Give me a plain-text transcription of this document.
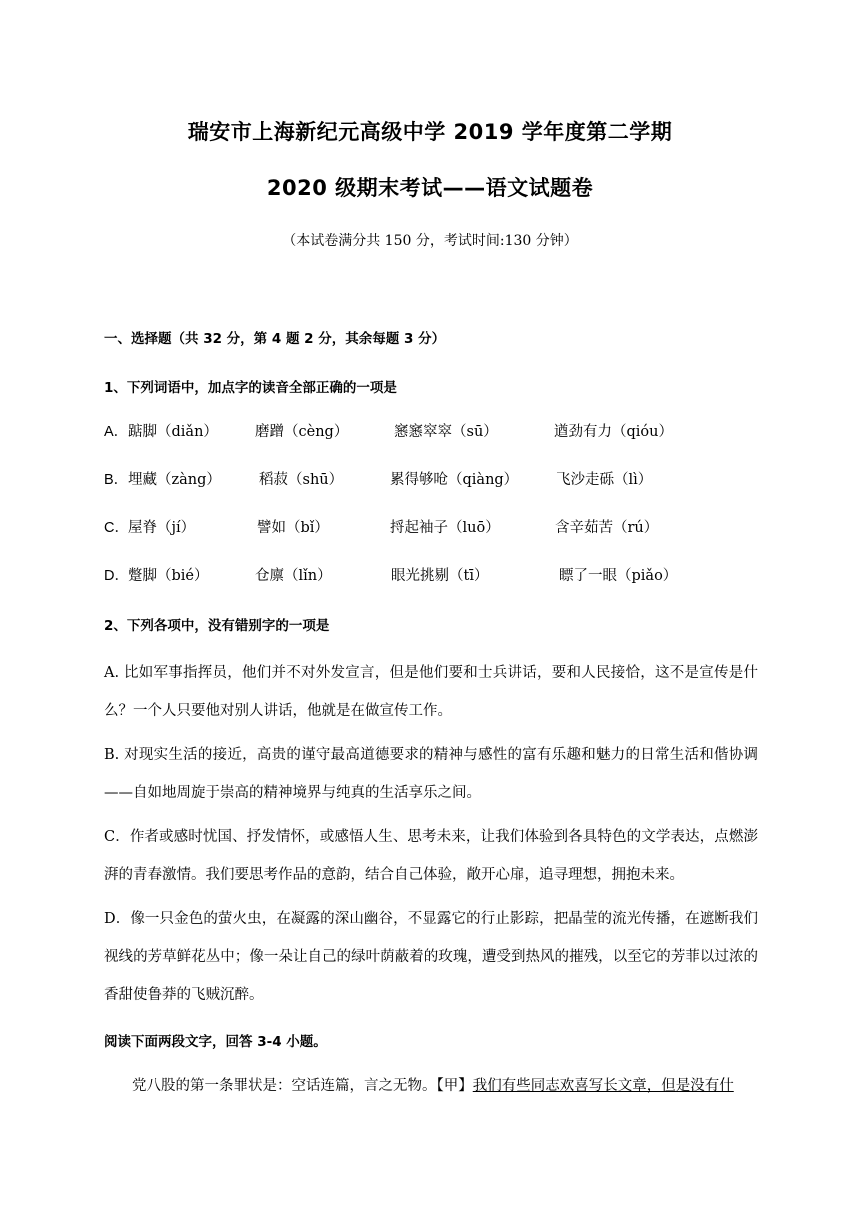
瑞安市上海新纪元高级中学 2019 学年度第二学期
2020 级期末考试——语文试题卷
（本试卷满分共 150 分，考试时间:130 分钟）
一、选择题（共 32 分，第 4 题 2 分，其余每题 3 分）
1、下列词语中，加点字的读音全部正确的一项是
A． 踮脚（diǎn）	磨蹭（cèng）	窸窸窣窣（sū）	遒劲有力（qióu）
B． 埋藏（zàng）	稻菽（shū）	累得够呛（qiàng）	飞沙走砾（lì）
C． 屋脊（jí）	譬如（bǐ）	捋起袖子（luō）	含辛茹苦（rú）
D． 蹩脚（bié）	仓廪（lǐn）	眼光挑剔（tī）	瞟了一眼（piǎo）
2、下列各项中，没有错别字的一项是
A. 比如军事指挥员，他们并不对外发宣言，但是他们要和士兵讲话，要和人民接恰，这不是宣传是什么？一个人只要他对别人讲话，他就是在做宣传工作。
B. 对现实生活的接近，高贵的谨守最高道德要求的精神与感性的富有乐趣和魅力的日常生活和偕协调——自如地周旋于崇高的精神境界与纯真的生活享乐之间。
C．作者或感时忧国、抒发情怀，或感悟人生、思考未来，让我们体验到各具特色的文学表达，点燃澎湃的青春激情。我们要思考作品的意韵，结合自己体验，敞开心扉，追寻理想，拥抱未来。
D．像一只金色的萤火虫，在凝露的深山幽谷，不显露它的行止影踪，把晶莹的流光传播，在遮断我们视线的芳草鲜花丛中；像一朵让自己的绿叶荫蔽着的玫瑰，遭受到热风的摧残，以至它的芳菲以过浓的香甜使鲁莽的飞贼沉醉。
阅读下面两段文字，回答 3-4 小题。
党八股的第一条罪状是：空话连篇，言之无物。【甲】我们有些同志欢喜写长文章，但是没有什
